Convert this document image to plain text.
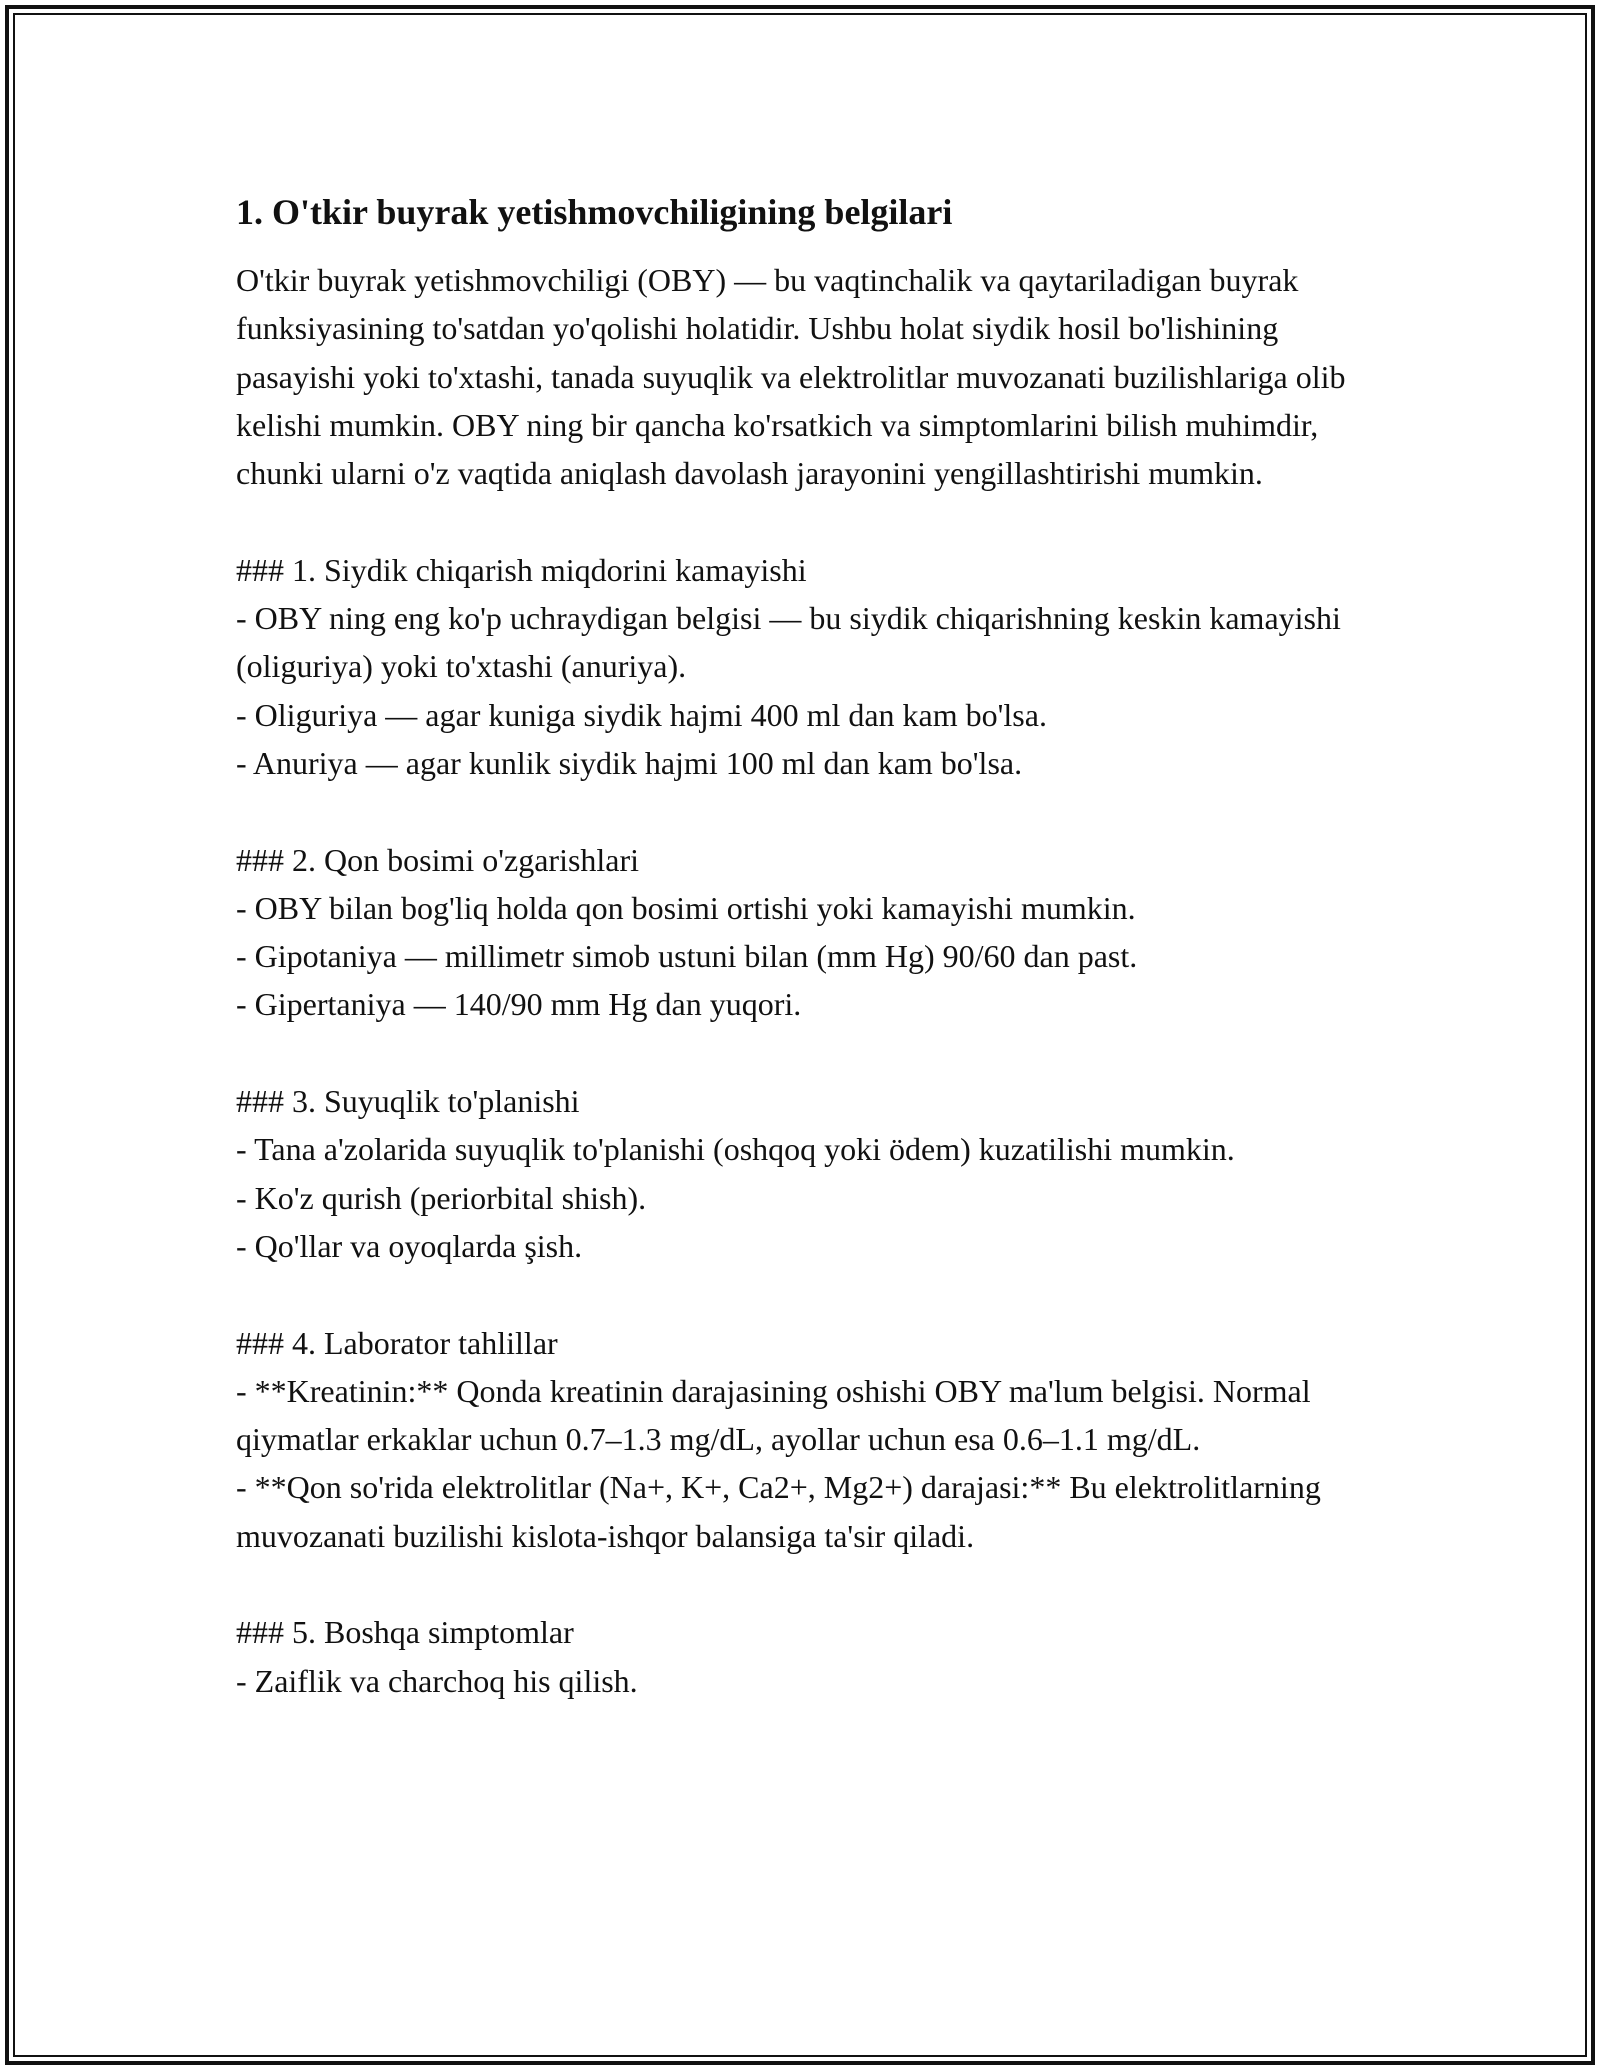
1. O'tkir buyrak yetishmovchiligining belgilari

O'tkir buyrak yetishmovchiligi (OBY) — bu vaqtinchalik va qaytariladigan buyrak funksiyasining to'satdan yo'qolishi holatidir. Ushbu holat siydik hosil bo'lishining pasayishi yoki to'xtashi, tanada suyuqlik va elektrolitlar muvozanati buzilishlariga olib kelishi mumkin. OBY ning bir qancha ko'rsatkich va simptomlarini bilish muhimdir, chunki ularni o'z vaqtida aniqlash davolash jarayonini yengillashtirishi mumkin.

### 1. Siydik chiqarish miqdorini kamayishi

- OBY ning eng ko'p uchraydigan belgisi — bu siydik chiqarishning keskin kamayishi (oliguriya) yoki to'xtashi (anuriya).

- Oliguriya — agar kuniga siydik hajmi 400 ml dan kam bo'lsa.

- Anuriya — agar kunlik siydik hajmi 100 ml dan kam bo'lsa.

### 2. Qon bosimi o'zgarishlari

- OBY bilan bog'liq holda qon bosimi ortishi yoki kamayishi mumkin.

- Gipotaniya — millimetr simob ustuni bilan (mm Hg) 90/60 dan past.

- Gipertaniya — 140/90 mm Hg dan yuqori.

### 3. Suyuqlik to'planishi

- Tana a'zolarida suyuqlik to'planishi (oshqoq yoki ödem) kuzatilishi mumkin.

- Ko'z qurish (periorbital shish).

- Qo'llar va oyoqlarda şish.

### 4. Laborator tahlillar

- **Kreatinin:** Qonda kreatinin darajasining oshishi OBY ma'lum belgisi. Normal qiymatlar erkaklar uchun 0.7–1.3 mg/dL, ayollar uchun esa 0.6–1.1 mg/dL.

- **Qon so'rida elektrolitlar (Na+, K+, Ca2+, Mg2+) darajasi:** Bu elektrolitlarning muvozanati buzilishi kislota-ishqor balansiga ta'sir qiladi.

### 5. Boshqa simptomlar

- Zaiflik va charchoq his qilish.
